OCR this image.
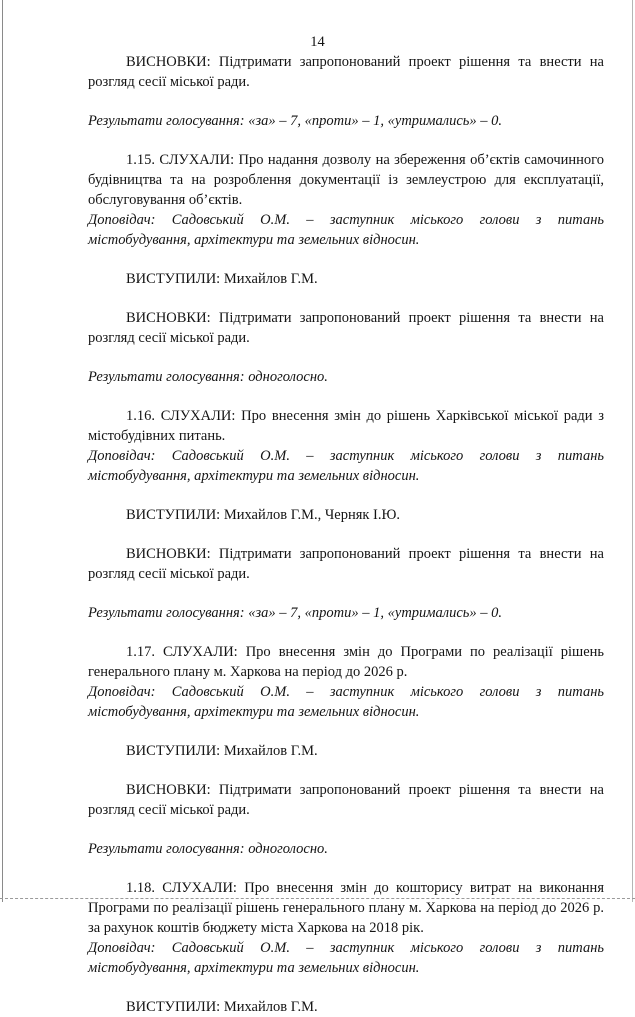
14

ВИСНОВКИ: Підтримати запропонований проект рішення та внести на розгляд сесії міської ради.

Результати голосування: «за» – 7, «проти» – 1, «утримались» – 0.

1.15. СЛУХАЛИ: Про надання дозволу на збереження об’єктів самочинного будівництва та на розроблення документації із землеустрою для експлуатації, обслуговування об’єктів.

Доповідач: Садовський О.М. – заступник міського голови з питань містобудування, архітектури та земельних відносин.

ВИСТУПИЛИ: Михайлов Г.М.

ВИСНОВКИ: Підтримати запропонований проект рішення та внести на розгляд сесії міської ради.

Результати голосування: одноголосно.

1.16. СЛУХАЛИ: Про внесення змін до рішень Харківської міської ради з містобудівних питань.

Доповідач: Садовський О.М. – заступник міського голови з питань містобудування, архітектури та земельних відносин.

ВИСТУПИЛИ: Михайлов Г.М., Черняк І.Ю.

ВИСНОВКИ: Підтримати запропонований проект рішення та внести на розгляд сесії міської ради.

Результати голосування: «за» – 7, «проти» – 1, «утримались» – 0.

1.17. СЛУХАЛИ: Про внесення змін до Програми по реалізації рішень генерального плану м. Харкова на період до 2026 р.

Доповідач: Садовський О.М. – заступник міського голови з питань містобудування, архітектури та земельних відносин.

ВИСТУПИЛИ: Михайлов Г.М.

ВИСНОВКИ: Підтримати запропонований проект рішення та внести на розгляд сесії міської ради.

Результати голосування: одноголосно.

1.18. СЛУХАЛИ: Про внесення змін до кошторису витрат на виконання Програми по реалізації рішень генерального плану м. Харкова на період до 2026 р. за рахунок коштів бюджету міста Харкова на 2018 рік.

Доповідач: Садовський О.М. – заступник міського голови з питань містобудування, архітектури та земельних відносин.

ВИСТУПИЛИ: Михайлов Г.М.
